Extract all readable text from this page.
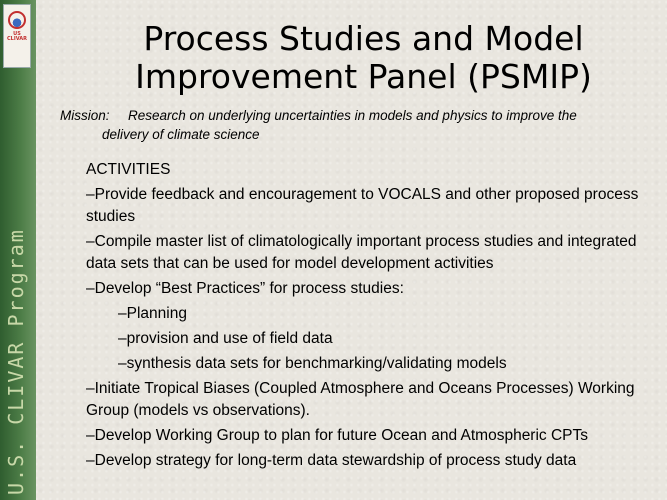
US CLIVAR
U.S. CLIVAR Program
Process Studies and Model
Improvement Panel (PSMIP)
Mission: Research on underlying uncertainties in models and physics to improve the
delivery of climate science
ACTIVITIES
–Provide feedback and encouragement to VOCALS and other proposed process studies
–Compile master list of climatologically important process studies and integrated data sets that can be used for model development activities
–Develop “Best Practices” for process studies:
–Planning
–provision and use of field data
–synthesis data sets for benchmarking/validating models
–Initiate Tropical Biases (Coupled Atmosphere and Oceans Processes) Working Group (models vs observations).
–Develop Working Group to plan for future Ocean and Atmospheric CPTs
–Develop strategy for long-term data stewardship of process study data
